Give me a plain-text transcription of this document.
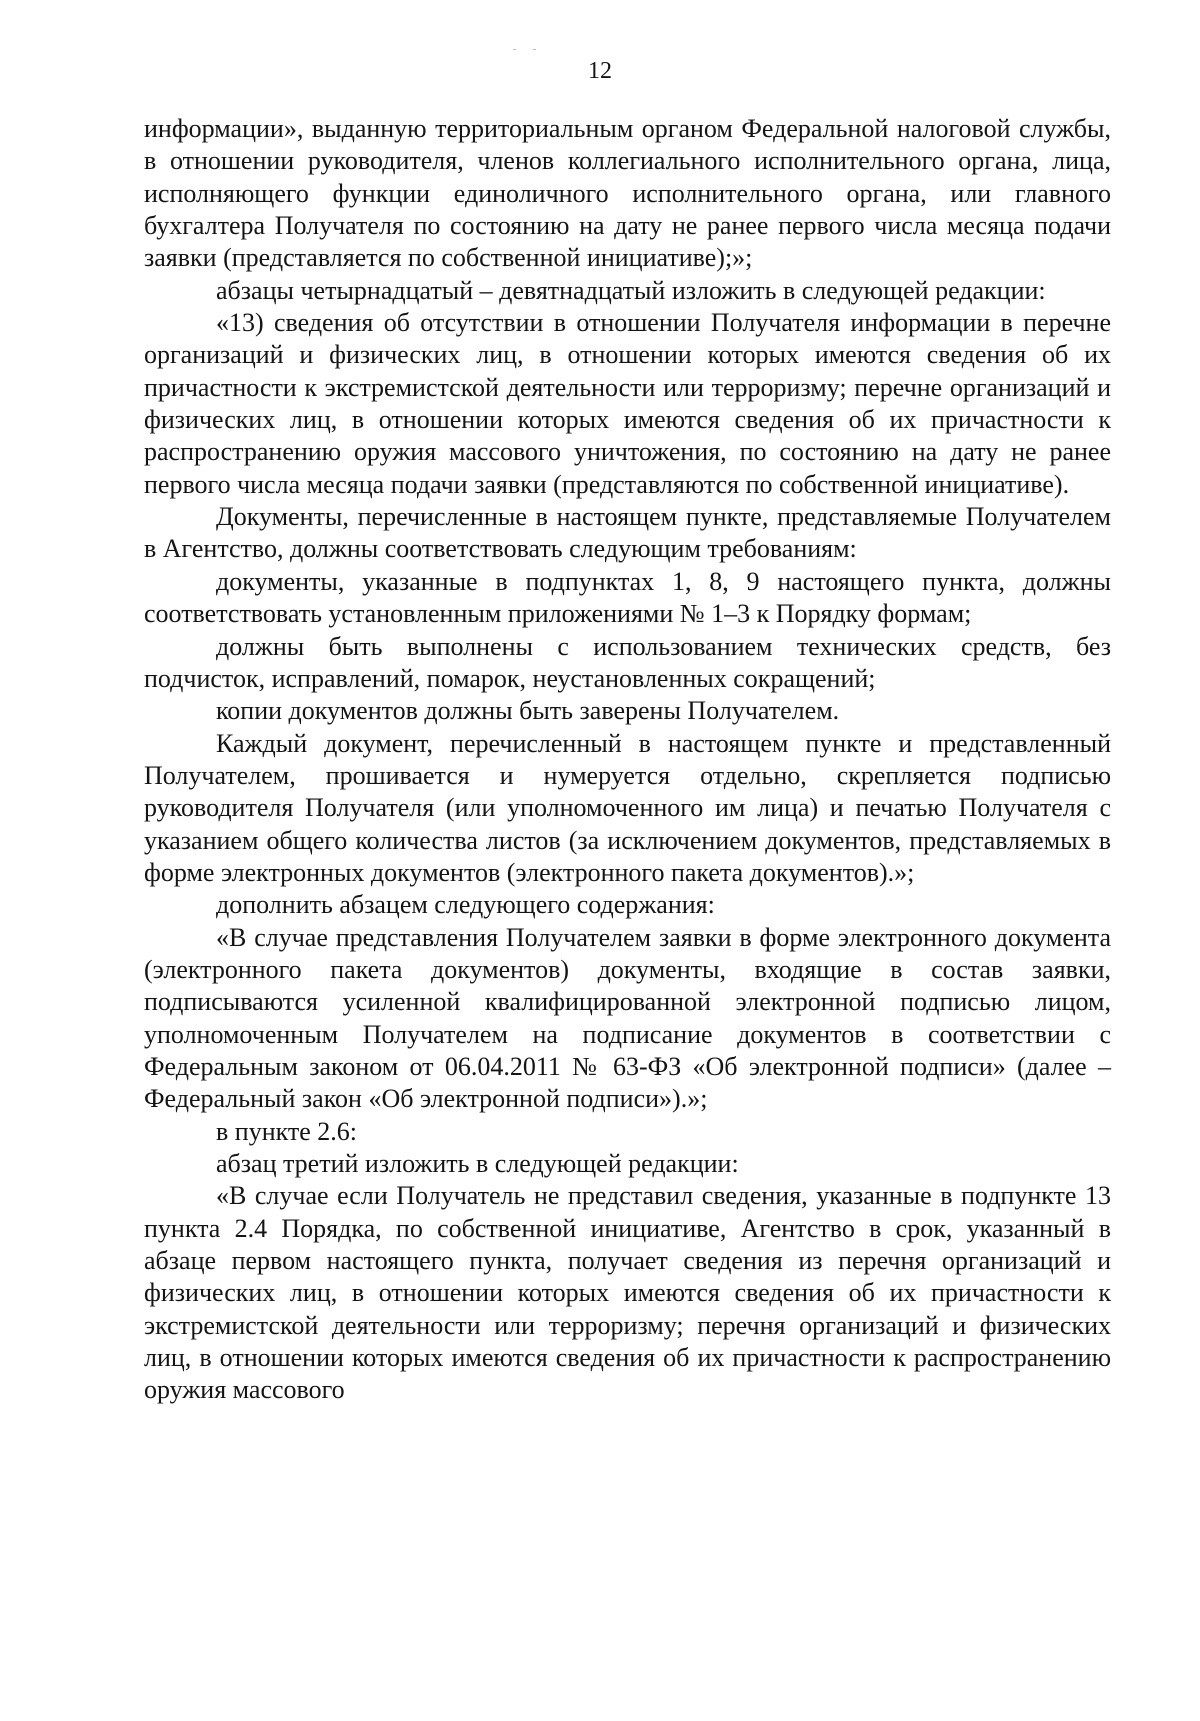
12

информации», выданную территориальным органом Федеральной налоговой службы, в отношении руководителя, членов коллегиального исполнительного органа, лица, исполняющего функции единоличного исполнительного органа, или главного бухгалтера Получателя по состоянию на дату не ранее первого числа месяца подачи заявки (представляется по собственной инициативе);»;

абзацы четырнадцатый – девятнадцатый изложить в следующей редакции:

«13) сведения об отсутствии в отношении Получателя информации в перечне организаций и физических лиц, в отношении которых имеются сведения об их причастности к экстремистской деятельности или терроризму; перечне организаций и физических лиц, в отношении которых имеются сведения об их причастности к распространению оружия массового уничтожения, по состоянию на дату не ранее первого числа месяца подачи заявки (представляются по собственной инициативе).

Документы, перечисленные в настоящем пункте, представляемые Получателем в Агентство, должны соответствовать следующим требованиям:

документы, указанные в подпунктах 1, 8, 9 настоящего пункта, должны соответствовать установленным приложениями № 1–3 к Порядку формам;

должны быть выполнены с использованием технических средств, без подчисток, исправлений, помарок, неустановленных сокращений;

копии документов должны быть заверены Получателем.

Каждый документ, перечисленный в настоящем пункте и представленный Получателем, прошивается и нумеруется отдельно, скрепляется подписью руководителя Получателя (или уполномоченного им лица) и печатью Получателя с указанием общего количества листов (за исключением документов, представляемых в форме электронных документов (электронного пакета документов).»;

дополнить абзацем следующего содержания:

«В случае представления Получателем заявки в форме электронного документа (электронного пакета документов) документы, входящие в состав заявки, подписываются усиленной квалифицированной электронной подписью лицом, уполномоченным Получателем на подписание документов в соответствии с Федеральным законом от 06.04.2011 № 63-ФЗ «Об электронной подписи» (далее – Федеральный закон «Об электронной подписи»).»;

в пункте 2.6:

абзац третий изложить в следующей редакции:

«В случае если Получатель не представил сведения, указанные в подпункте 13 пункта 2.4 Порядка, по собственной инициативе, Агентство в срок, указанный в абзаце первом настоящего пункта, получает сведения из перечня организаций и физических лиц, в отношении которых имеются сведения об их причастности к экстремистской деятельности или терроризму; перечня организаций и физических лиц, в отношении которых имеются сведения об их причастности к распространению оружия массового
